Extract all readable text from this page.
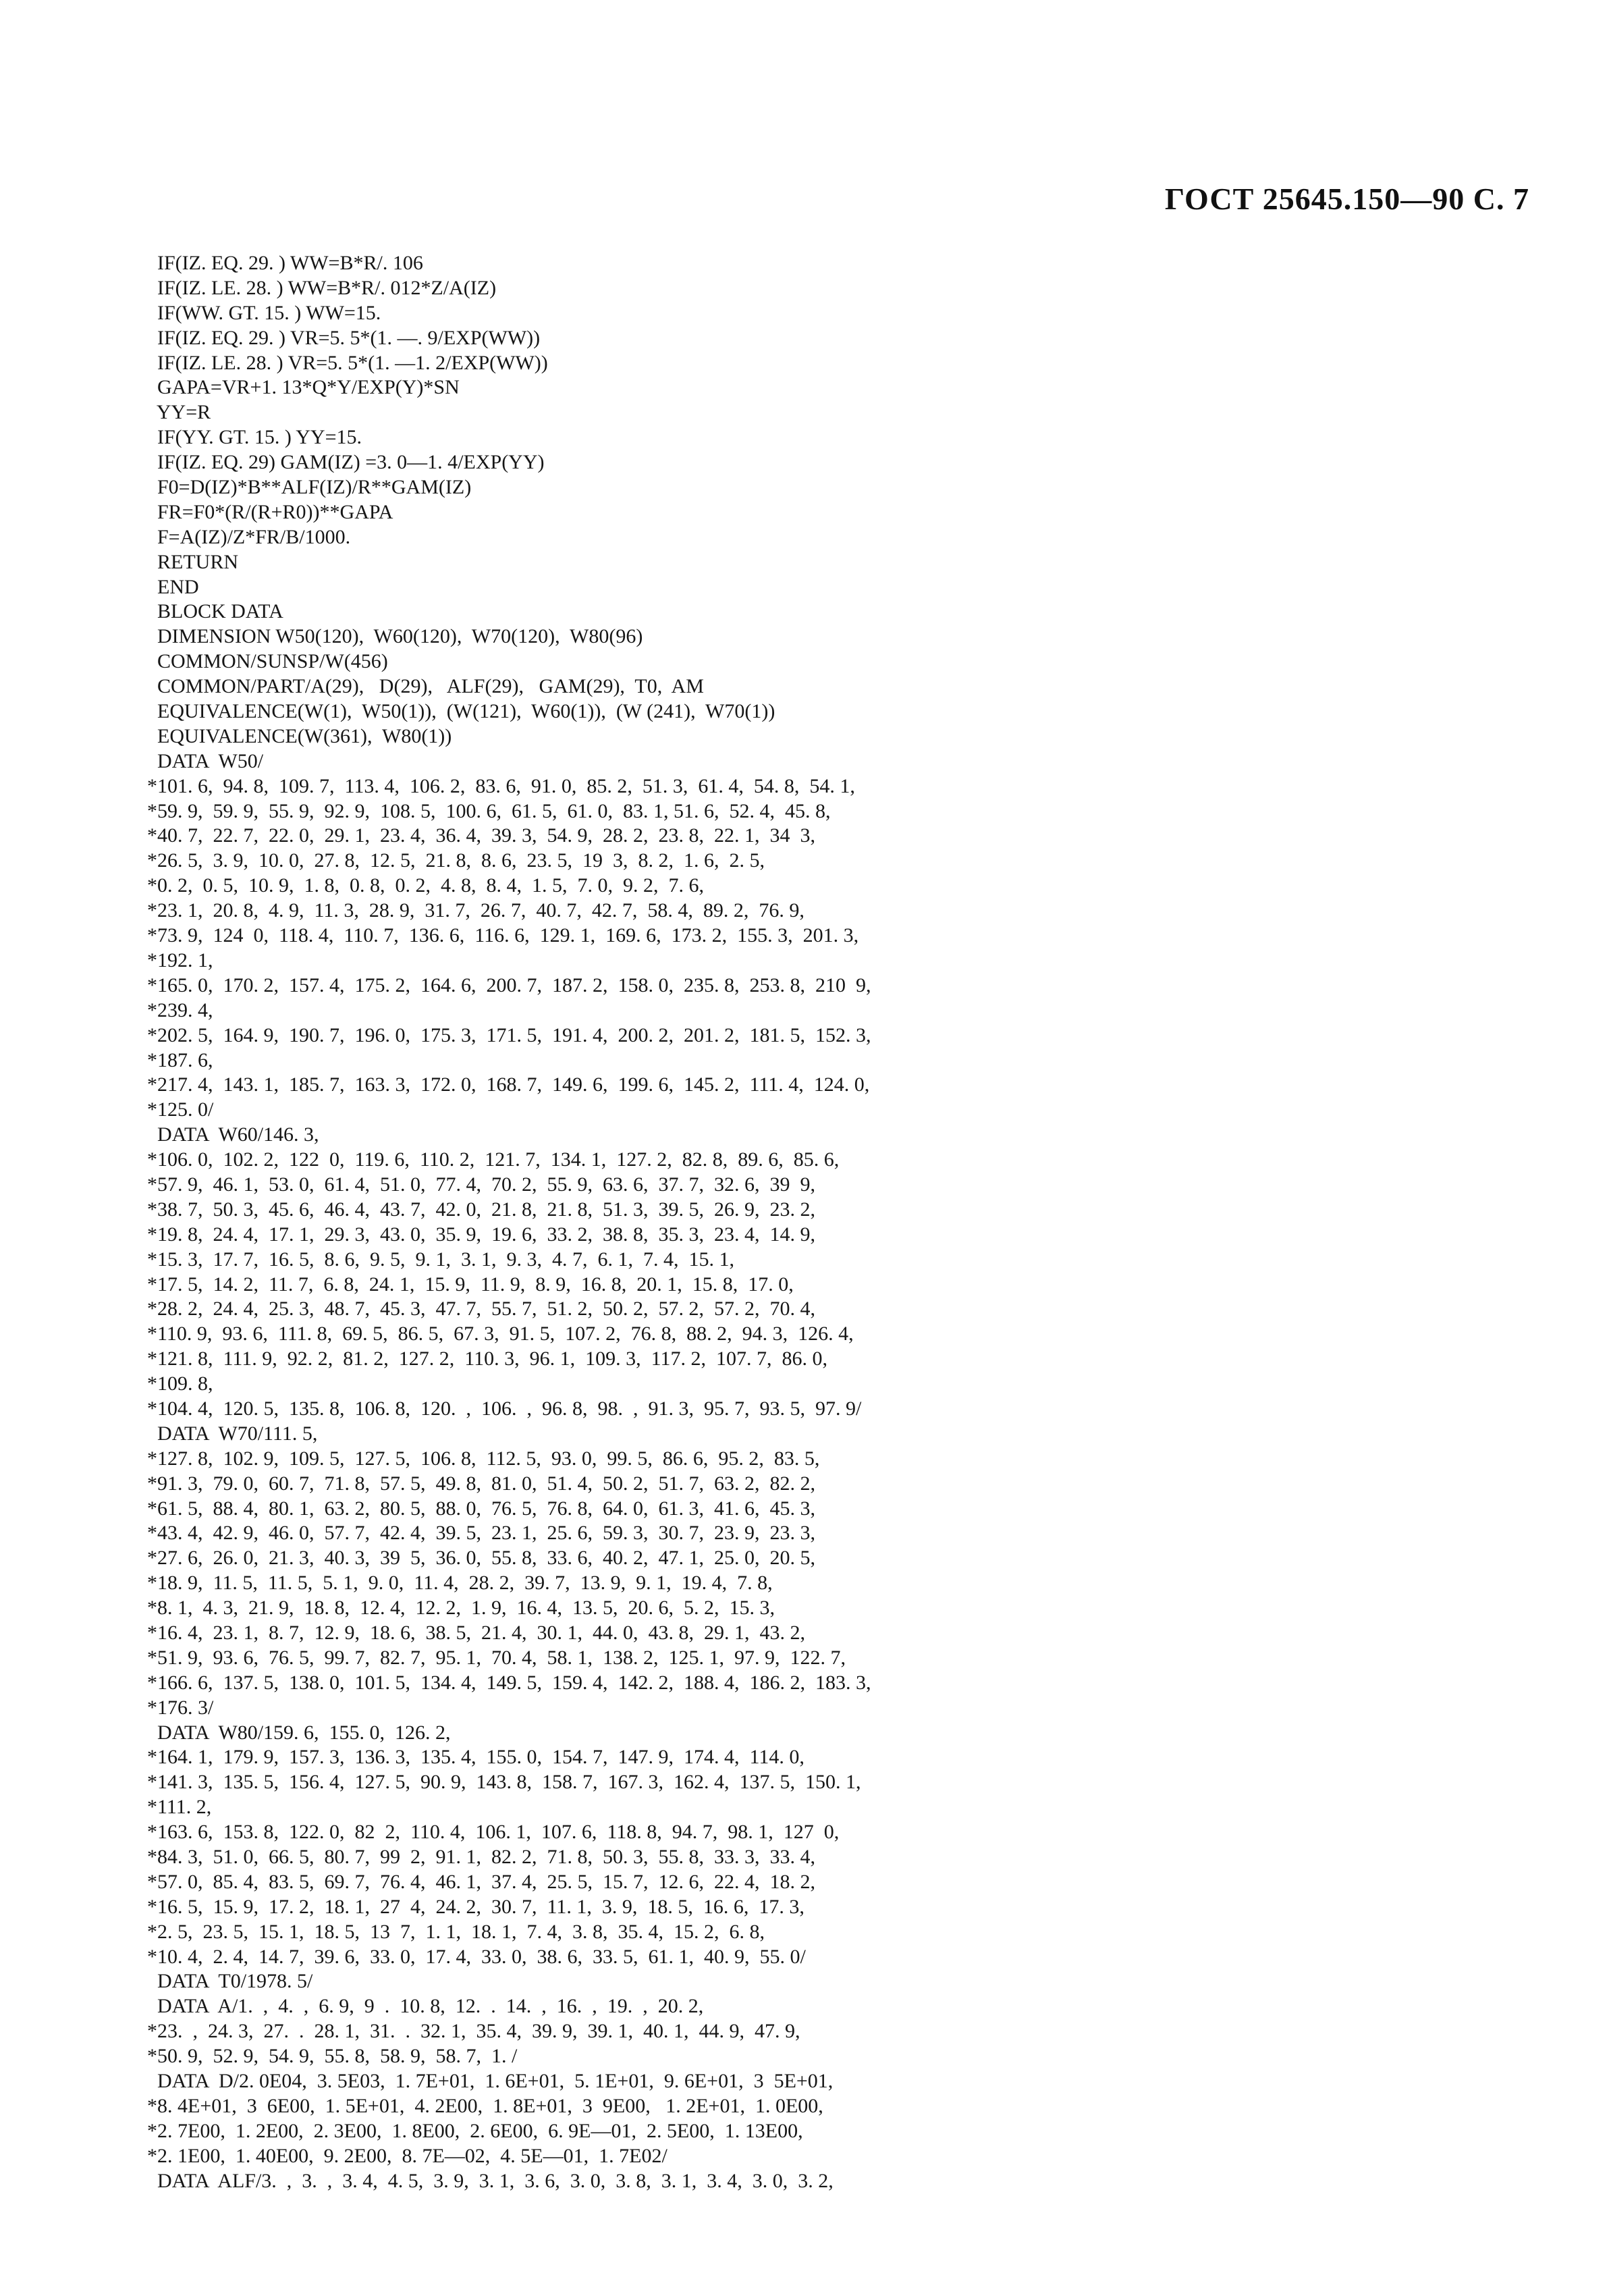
ГОСТ 25645.150—90 С. 7
IF(IZ. EQ. 29. ) WW=B*R/. 106
IF(IZ. LE. 28. ) WW=B*R/. 012*Z/A(IZ)
IF(WW. GT. 15. ) WW=15.
IF(IZ. EQ. 29. ) VR=5. 5*(1. —. 9/EXP(WW))
IF(IZ. LE. 28. ) VR=5. 5*(1. —1. 2/EXP(WW))
GAPA=VR+1. 13*Q*Y/EXP(Y)*SN
YY=R
IF(YY. GT. 15. ) YY=15.
IF(IZ. EQ. 29) GAM(IZ) =3. 0—1. 4/EXP(YY)
F0=D(IZ)*B**ALF(IZ)/R**GAM(IZ)
FR=F0*(R/(R+R0))**GAPA
F=A(IZ)/Z*FR/B/1000.
RETURN
END
BLOCK DATA
DIMENSION W50(120),  W60(120),  W70(120),  W80(96)
COMMON/SUNSP/W(456)
COMMON/PART/A(29),   D(29),   ALF(29),   GAM(29),  T0,  AM
EQUIVALENCE(W(1),  W50(1)),  (W(121),  W60(1)),  (W (241),  W70(1))
EQUIVALENCE(W(361),  W80(1))
DATA  W50/
*101. 6,  94. 8,  109. 7,  113. 4,  106. 2,  83. 6,  91. 0,  85. 2,  51. 3,  61. 4,  54. 8,  54. 1,
*59. 9,  59. 9,  55. 9,  92. 9,  108. 5,  100. 6,  61. 5,  61. 0,  83. 1, 51. 6,  52. 4,  45. 8,
*40. 7,  22. 7,  22. 0,  29. 1,  23. 4,  36. 4,  39. 3,  54. 9,  28. 2,  23. 8,  22. 1,  34  3,
*26. 5,  3. 9,  10. 0,  27. 8,  12. 5,  21. 8,  8. 6,  23. 5,  19  3,  8. 2,  1. 6,  2. 5,
*0. 2,  0. 5,  10. 9,  1. 8,  0. 8,  0. 2,  4. 8,  8. 4,  1. 5,  7. 0,  9. 2,  7. 6,
*23. 1,  20. 8,  4. 9,  11. 3,  28. 9,  31. 7,  26. 7,  40. 7,  42. 7,  58. 4,  89. 2,  76. 9,
*73. 9,  124  0,  118. 4,  110. 7,  136. 6,  116. 6,  129. 1,  169. 6,  173. 2,  155. 3,  201. 3,
*192. 1,
*165. 0,  170. 2,  157. 4,  175. 2,  164. 6,  200. 7,  187. 2,  158. 0,  235. 8,  253. 8,  210  9,
*239. 4,
*202. 5,  164. 9,  190. 7,  196. 0,  175. 3,  171. 5,  191. 4,  200. 2,  201. 2,  181. 5,  152. 3,
*187. 6,
*217. 4,  143. 1,  185. 7,  163. 3,  172. 0,  168. 7,  149. 6,  199. 6,  145. 2,  111. 4,  124. 0,
*125. 0/
DATA  W60/146. 3,
*106. 0,  102. 2,  122  0,  119. 6,  110. 2,  121. 7,  134. 1,  127. 2,  82. 8,  89. 6,  85. 6,
*57. 9,  46. 1,  53. 0,  61. 4,  51. 0,  77. 4,  70. 2,  55. 9,  63. 6,  37. 7,  32. 6,  39  9,
*38. 7,  50. 3,  45. 6,  46. 4,  43. 7,  42. 0,  21. 8,  21. 8,  51. 3,  39. 5,  26. 9,  23. 2,
*19. 8,  24. 4,  17. 1,  29. 3,  43. 0,  35. 9,  19. 6,  33. 2,  38. 8,  35. 3,  23. 4,  14. 9,
*15. 3,  17. 7,  16. 5,  8. 6,  9. 5,  9. 1,  3. 1,  9. 3,  4. 7,  6. 1,  7. 4,  15. 1,
*17. 5,  14. 2,  11. 7,  6. 8,  24. 1,  15. 9,  11. 9,  8. 9,  16. 8,  20. 1,  15. 8,  17. 0,
*28. 2,  24. 4,  25. 3,  48. 7,  45. 3,  47. 7,  55. 7,  51. 2,  50. 2,  57. 2,  57. 2,  70. 4,
*110. 9,  93. 6,  111. 8,  69. 5,  86. 5,  67. 3,  91. 5,  107. 2,  76. 8,  88. 2,  94. 3,  126. 4,
*121. 8,  111. 9,  92. 2,  81. 2,  127. 2,  110. 3,  96. 1,  109. 3,  117. 2,  107. 7,  86. 0,
*109. 8,
*104. 4,  120. 5,  135. 8,  106. 8,  120.  ,  106.  ,  96. 8,  98.  ,  91. 3,  95. 7,  93. 5,  97. 9/
DATA  W70/111. 5,
*127. 8,  102. 9,  109. 5,  127. 5,  106. 8,  112. 5,  93. 0,  99. 5,  86. 6,  95. 2,  83. 5,
*91. 3,  79. 0,  60. 7,  71. 8,  57. 5,  49. 8,  81. 0,  51. 4,  50. 2,  51. 7,  63. 2,  82. 2,
*61. 5,  88. 4,  80. 1,  63. 2,  80. 5,  88. 0,  76. 5,  76. 8,  64. 0,  61. 3,  41. 6,  45. 3,
*43. 4,  42. 9,  46. 0,  57. 7,  42. 4,  39. 5,  23. 1,  25. 6,  59. 3,  30. 7,  23. 9,  23. 3,
*27. 6,  26. 0,  21. 3,  40. 3,  39  5,  36. 0,  55. 8,  33. 6,  40. 2,  47. 1,  25. 0,  20. 5,
*18. 9,  11. 5,  11. 5,  5. 1,  9. 0,  11. 4,  28. 2,  39. 7,  13. 9,  9. 1,  19. 4,  7. 8,
*8. 1,  4. 3,  21. 9,  18. 8,  12. 4,  12. 2,  1. 9,  16. 4,  13. 5,  20. 6,  5. 2,  15. 3,
*16. 4,  23. 1,  8. 7,  12. 9,  18. 6,  38. 5,  21. 4,  30. 1,  44. 0,  43. 8,  29. 1,  43. 2,
*51. 9,  93. 6,  76. 5,  99. 7,  82. 7,  95. 1,  70. 4,  58. 1,  138. 2,  125. 1,  97. 9,  122. 7,
*166. 6,  137. 5,  138. 0,  101. 5,  134. 4,  149. 5,  159. 4,  142. 2,  188. 4,  186. 2,  183. 3,
*176. 3/
DATA  W80/159. 6,  155. 0,  126. 2,
*164. 1,  179. 9,  157. 3,  136. 3,  135. 4,  155. 0,  154. 7,  147. 9,  174. 4,  114. 0,
*141. 3,  135. 5,  156. 4,  127. 5,  90. 9,  143. 8,  158. 7,  167. 3,  162. 4,  137. 5,  150. 1,
*111. 2,
*163. 6,  153. 8,  122. 0,  82  2,  110. 4,  106. 1,  107. 6,  118. 8,  94. 7,  98. 1,  127  0,
*84. 3,  51. 0,  66. 5,  80. 7,  99  2,  91. 1,  82. 2,  71. 8,  50. 3,  55. 8,  33. 3,  33. 4,
*57. 0,  85. 4,  83. 5,  69. 7,  76. 4,  46. 1,  37. 4,  25. 5,  15. 7,  12. 6,  22. 4,  18. 2,
*16. 5,  15. 9,  17. 2,  18. 1,  27  4,  24. 2,  30. 7,  11. 1,  3. 9,  18. 5,  16. 6,  17. 3,
*2. 5,  23. 5,  15. 1,  18. 5,  13  7,  1. 1,  18. 1,  7. 4,  3. 8,  35. 4,  15. 2,  6. 8,
*10. 4,  2. 4,  14. 7,  39. 6,  33. 0,  17. 4,  33. 0,  38. 6,  33. 5,  61. 1,  40. 9,  55. 0/
DATA  T0/1978. 5/
DATA  A/1.  ,  4.  ,  6. 9,  9  .  10. 8,  12.  .  14.  ,  16.  ,  19.  ,  20. 2,
*23.  ,  24. 3,  27.  .  28. 1,  31.  .  32. 1,  35. 4,  39. 9,  39. 1,  40. 1,  44. 9,  47. 9,
*50. 9,  52. 9,  54. 9,  55. 8,  58. 9,  58. 7,  1. /
DATA  D/2. 0E04,  3. 5E03,  1. 7E+01,  1. 6E+01,  5. 1E+01,  9. 6E+01,  3  5E+01,
*8. 4E+01,  3  6E00,  1. 5E+01,  4. 2E00,  1. 8E+01,  3  9E00,   1. 2E+01,  1. 0E00,
*2. 7E00,  1. 2E00,  2. 3E00,  1. 8E00,  2. 6E00,  6. 9E—01,  2. 5E00,  1. 13E00,
*2. 1E00,  1. 40E00,  9. 2E00,  8. 7E—02,  4. 5E—01,  1. 7E02/
DATA  ALF/3.  ,  3.  ,  3. 4,  4. 5,  3. 9,  3. 1,  3. 6,  3. 0,  3. 8,  3. 1,  3. 4,  3. 0,  3. 2,
